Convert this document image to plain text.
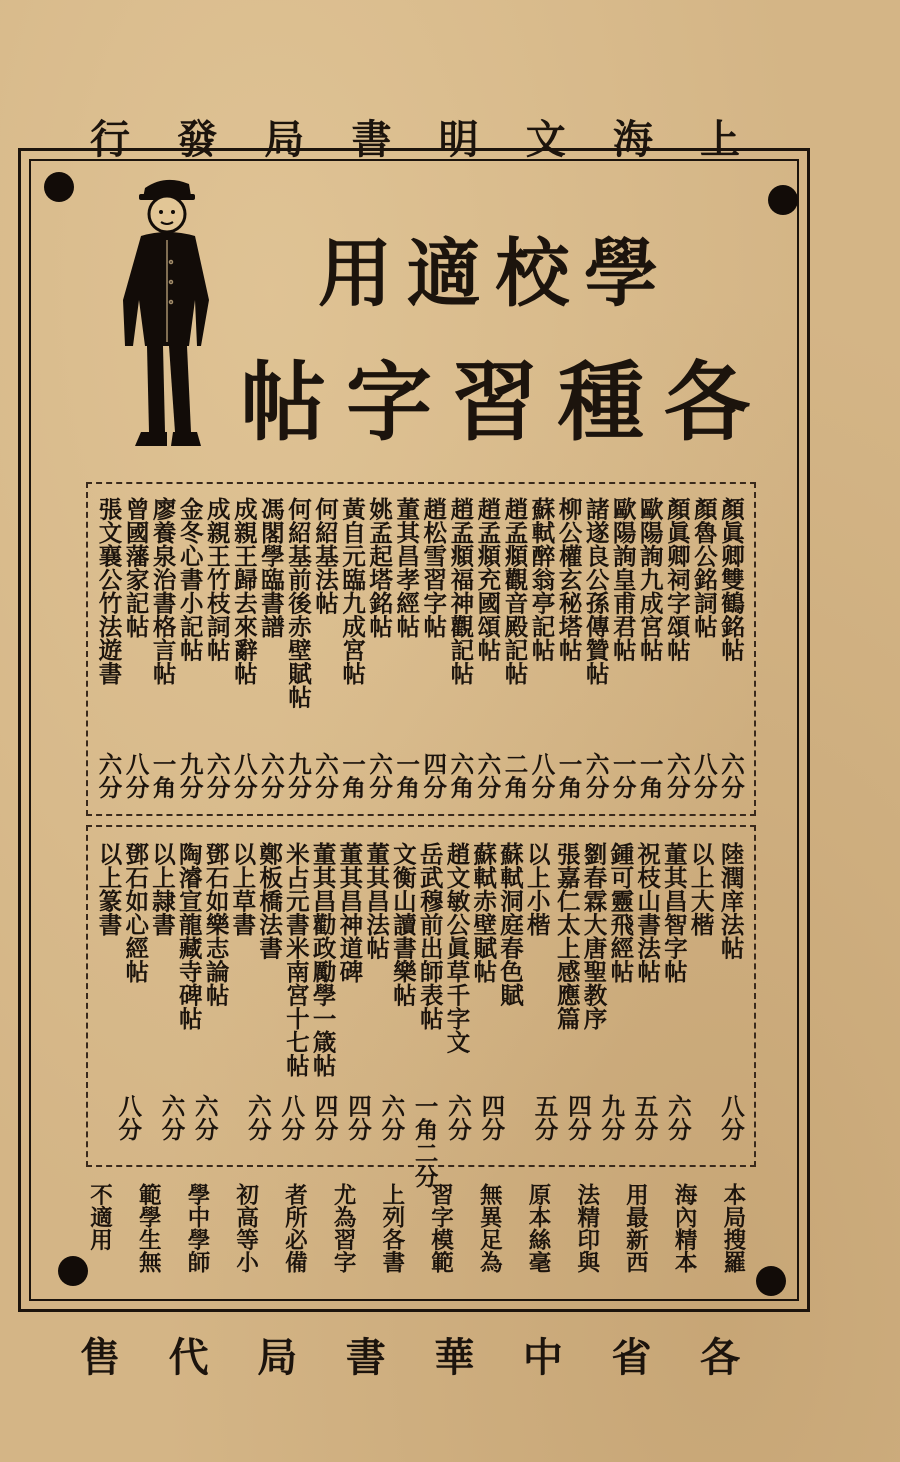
上
海
文
明
書
局
發
行
學
校
適
用
各
種
習
字
帖
顏眞卿雙鶴銘帖
顏魯公銘詞帖
顏眞卿祠字頌帖
歐陽詢九成宮帖
歐陽詢皇甫君帖
諸遂良公孫傳贊帖
柳公權玄秘塔帖
蘇軾醉翁亭記帖
趙孟頫觀音殿記帖
趙孟頫充國頌帖
趙孟頫福神觀記帖
趙松雪習字帖
董其昌孝經帖
姚孟起塔銘帖
黃自元臨九成宮帖
何紹基法帖
何紹基前後赤壁賦帖
馮閣學臨書譜
成親王歸去來辭帖
成親王竹枝詞帖
金冬心書小記帖
廖養泉治書格言帖
曾國藩家記帖
張文襄公竹法遊書
六分
八分
六分
一角
一分
六分
一角
八分
二角
六分
六角
四分
一角
六分
一角
六分
九分
六分
八分
六分
九分
一角
八分
六分
陸潤庠法帖
以上大楷
董其昌智字帖
祝枝山書法帖
鍾可靈飛經帖
劉春霖大唐聖教序
張嘉仁太上感應篇
以上小楷
蘇軾洞庭春色賦
蘇軾赤壁賦帖
趙文敏公眞草千字文
岳武穆前出師表帖
文衡山讀書樂帖
董其昌法帖
董其昌神道碑
董其昌勸政勵學一箴帖
米占元書米南宮十七帖
鄭板橋法書
以上草書
鄧石如樂志論帖
陶濬宣龍藏寺碑帖
以上隷書
鄧石如心經帖
以上篆書
八分
六分
五分
九分
四分
五分
四分
六分
一角二分
六分
四分
四分
八分
六分
六分
六分
八分
本局搜羅
海內精本
用最新西
法精印與
原本絲毫
無異足為
習字模範
上列各書
尤為習字
者所必備
初高等小
學中學師
範學生無
不適用
各
省
中
華
書
局
代
售
